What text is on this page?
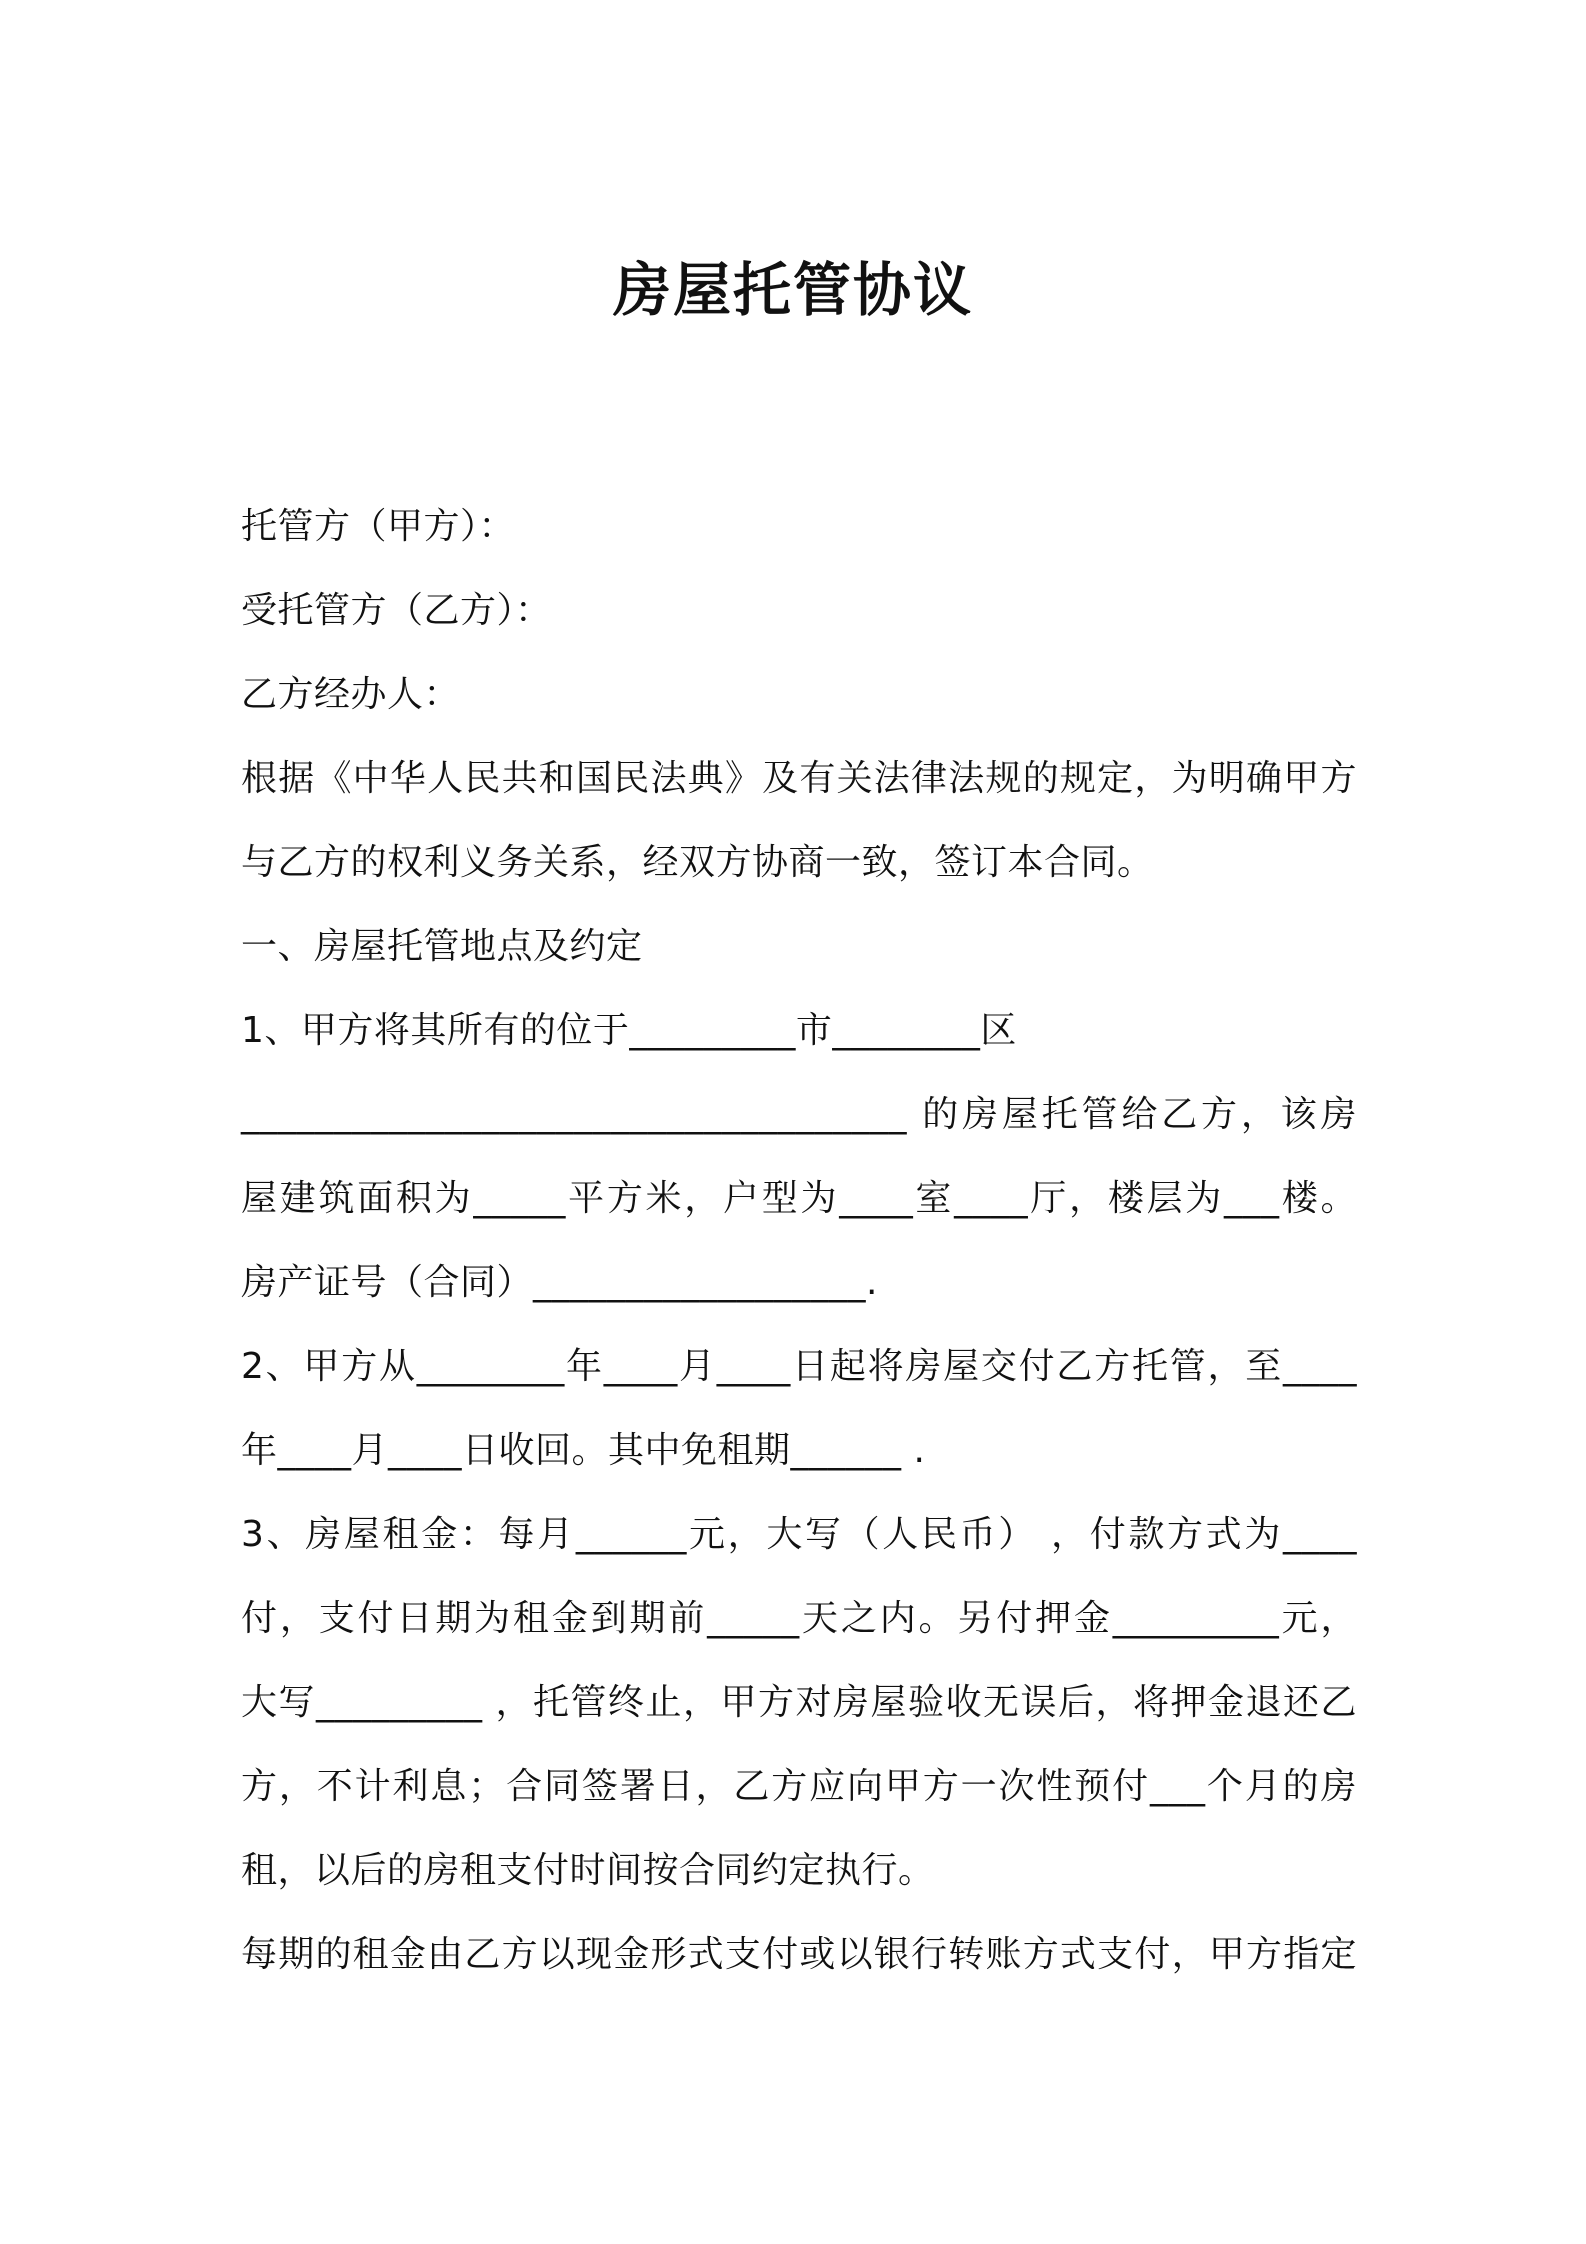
房屋托管协议
托管方（甲方）：
受托管方（乙方）：
乙方经办人：
根据《中华人民共和国民法典》及有关法律法规的规定，为明确甲方
与乙方的权利义务关系，经双方协商一致，签订本合同。
一、房屋托管地点及约定
1、甲方将其所有的位于_________市________区
____________________________________ 的房屋托管给乙方，该房
屋建筑面积为_____平方米，户型为____室____厅，楼层为___楼。
房产证号（合同）__________________.
2、甲方从________年____月____日起将房屋交付乙方托管，至____
年____月____日收回。其中免租期______ .
3、房屋租金：每月______元，大写（人民币） ，付款方式为____
付，支付日期为租金到期前_____天之内。另付押金_________元，
大写_________ ，托管终止，甲方对房屋验收无误后，将押金退还乙
方，不计利息；合同签署日，乙方应向甲方一次性预付___个月的房
租，以后的房租支付时间按合同约定执行。
每期的租金由乙方以现金形式支付或以银行转账方式支付，甲方指定
